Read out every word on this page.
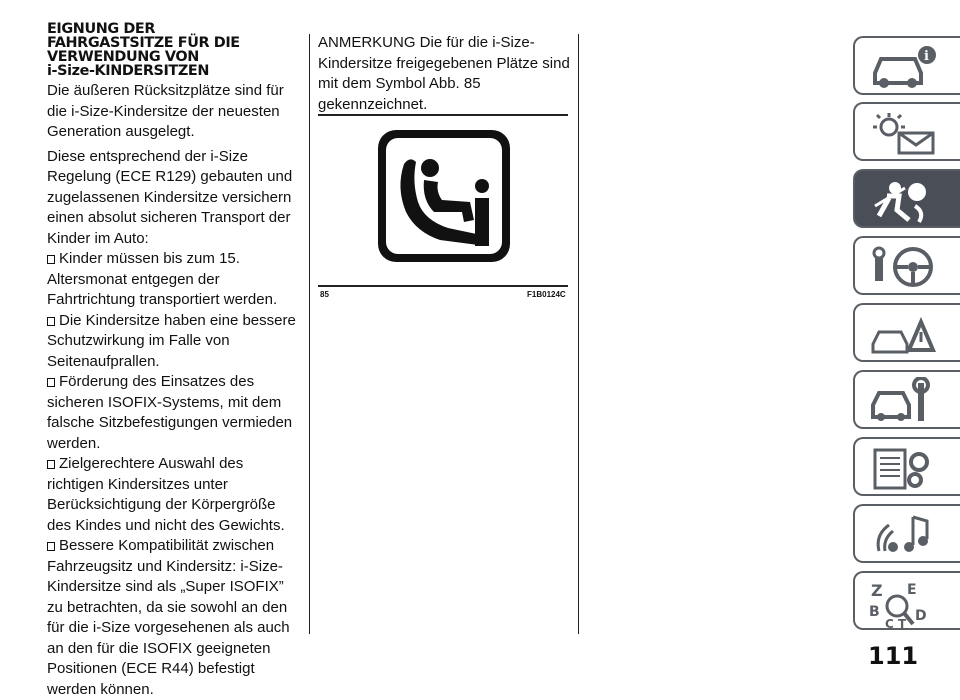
EIGNUNG DER
FAHRGASTSITZE FÜR DIE
VERWENDUNG VON
i-Size-KINDERSITZEN

Die äußeren Rücksitzplätze sind für die i-Size-Kindersitze der neuesten Generation ausgelegt.

Diese entsprechend der i-Size Regelung (ECE R129) gebauten und zugelassenen Kindersitze versichern einen absolut sicheren Transport der Kinder im Auto:

Kinder müssen bis zum 15. Altersmonat entgegen der Fahrtrichtung transportiert werden.

Die Kindersitze haben eine bessere Schutzwirkung im Falle von Seitenaufprallen.

Förderung des Einsatzes des sicheren ISOFIX-Systems, mit dem falsche Sitzbefestigungen vermieden werden.

Zielgerechtere Auswahl des richtigen Kindersitzes unter Berücksichtigung der Körpergröße des Kindes und nicht des Gewichts.

Bessere Kompatibilität zwischen Fahrzeugsitz und Kindersitz: i-Size-Kindersitze sind als „Super ISOFIX” zu betrachten, da sie sowohl an den für die i-Size vorgesehenen als auch an den für die ISOFIX geeigneten Positionen (ECE R44) befestigt werden können.

ANMERKUNG Die für die i-Size-Kindersitze freigegebenen Plätze sind mit dem Symbol Abb. 85 gekennzeichnet.

85	F1B0124C
i
Z E
B	D
C T
111
